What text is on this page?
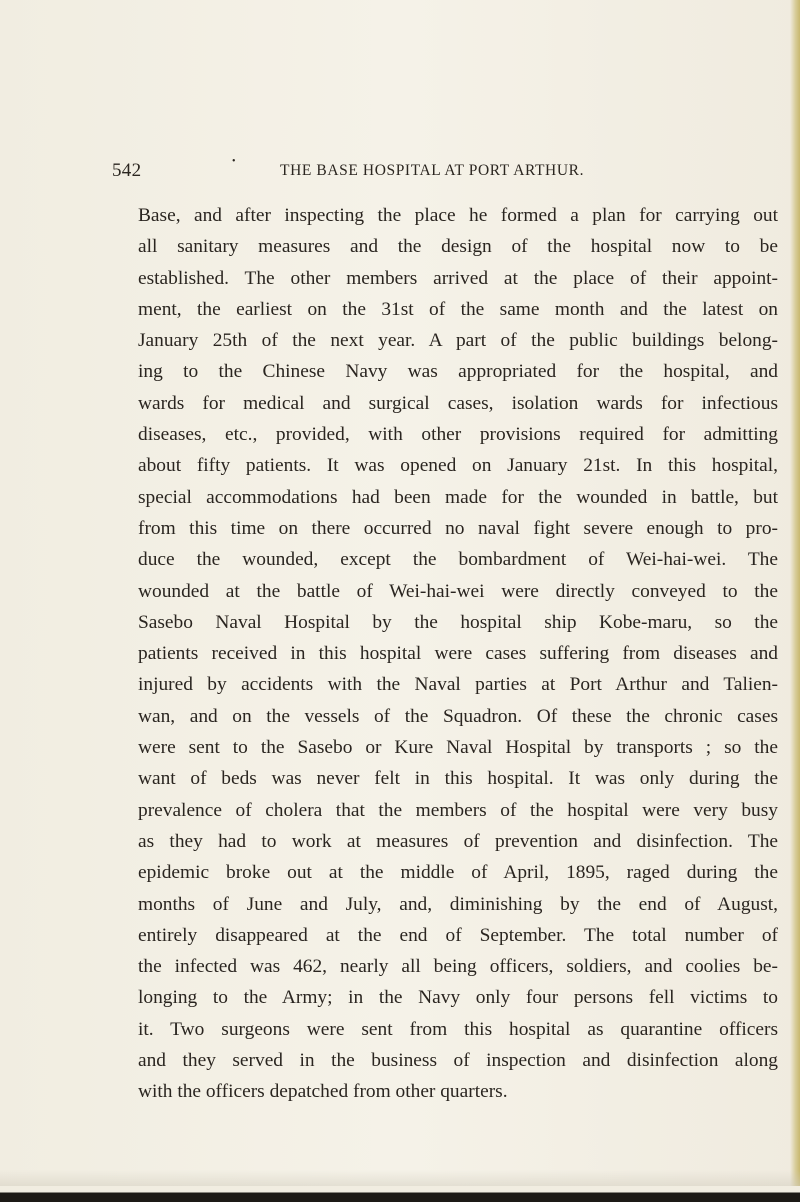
542	•
THE BASE HOSPITAL AT PORT ARTHUR.
Base, and after inspecting the place he formed a plan for carrying out
all sanitary measures and the design of the hospital now to be
established. The other members arrived at the place of their appoint-
ment, the earliest on the 31st of the same month and the latest on
January 25th of the next year. A part of the public buildings belong-
ing to the Chinese Navy was appropriated for the hospital, and
wards for medical and surgical cases, isolation wards for infectious
diseases, etc., provided, with other provisions required for admitting
about fifty patients. It was opened on January 21st. In this hospital,
special accommodations had been made for the wounded in battle, but
from this time on there occurred no naval fight severe enough to pro-
duce the wounded, except the bombardment of Wei-hai-wei. The
wounded at the battle of Wei-hai-wei were directly conveyed to the
Sasebo Naval Hospital by the hospital ship Kobe-maru, so the
patients received in this hospital were cases suffering from diseases and
injured by accidents with the Naval parties at Port Arthur and Talien-
wan, and on the vessels of the Squadron. Of these the chronic cases
were sent to the Sasebo or Kure Naval Hospital by transports ; so the
want of beds was never felt in this hospital. It was only during the
prevalence of cholera that the members of the hospital were very busy
as they had to work at measures of prevention and disinfection. The
epidemic broke out at the middle of April, 1895, raged during the
months of June and July, and, diminishing by the end of August,
entirely disappeared at the end of September. The total number of
the infected was 462, nearly all being officers, soldiers, and coolies be-
longing to the Army; in the Navy only four persons fell victims to
it. Two surgeons were sent from this hospital as quarantine officers
and they served in the business of inspection and disinfection along
with the officers depatched from other quarters.
